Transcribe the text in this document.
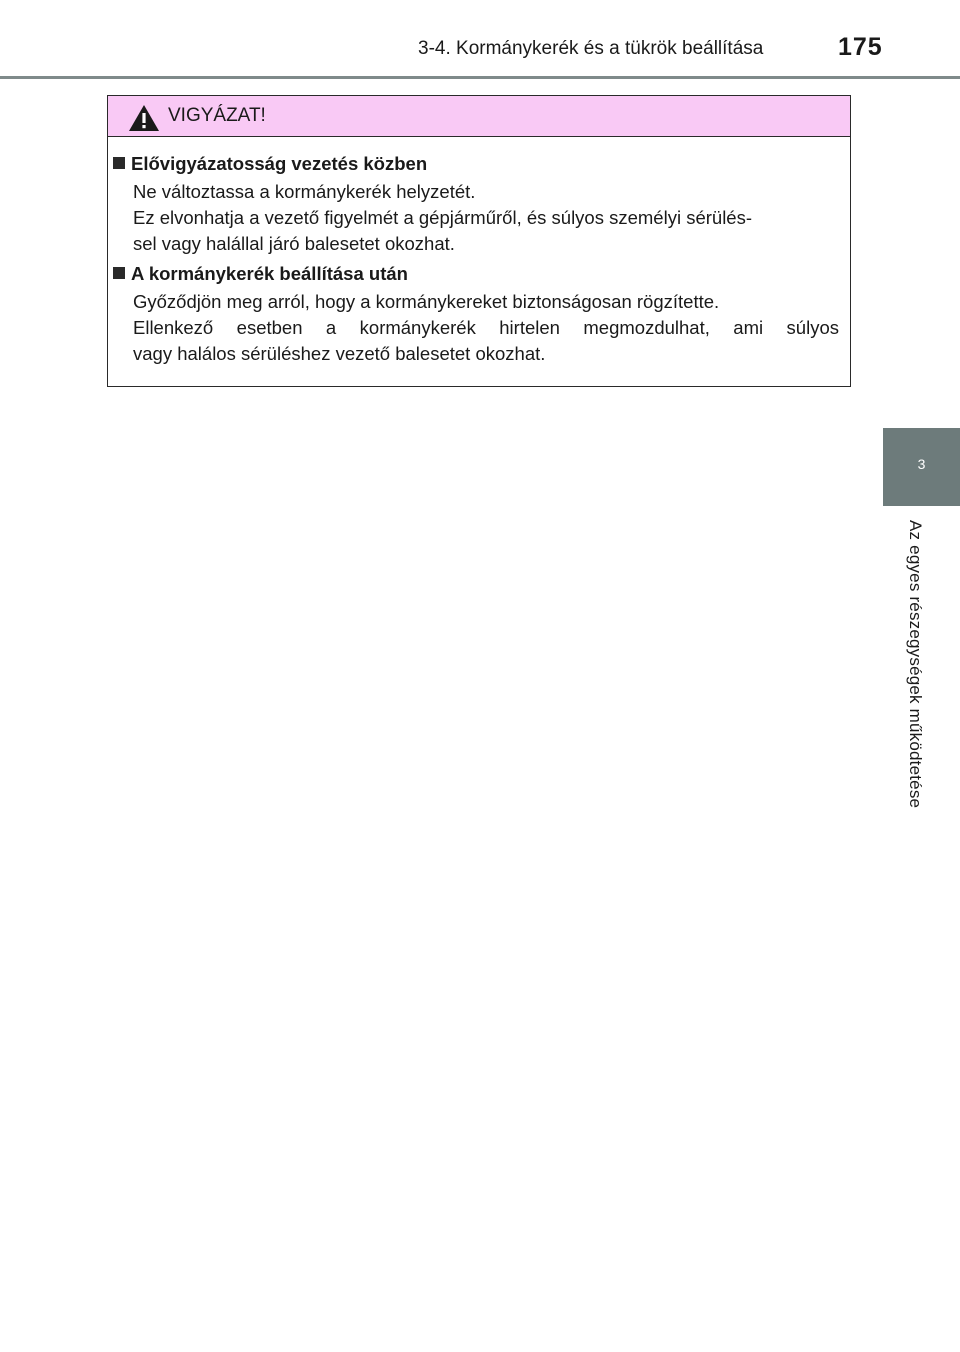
3-4. Kormánykerék és a tükrök beállítása	175
3
Az egyes részegységek működtetése
VIGYÁZAT!
Elővigyázatosság vezetés közben
Ne változtassa a kormánykerék helyzetét.
Ez elvonhatja a vezető figyelmét a gépjárműről, és súlyos személyi sérülés-
sel vagy halállal járó balesetet okozhat.
A kormánykerék beállítása után
Győződjön meg arról, hogy a kormánykereket biztonságosan rögzítette.
Ellenkező esetben a kormánykerék hirtelen megmozdulhat, ami súlyos
vagy halálos sérüléshez vezető balesetet okozhat.
